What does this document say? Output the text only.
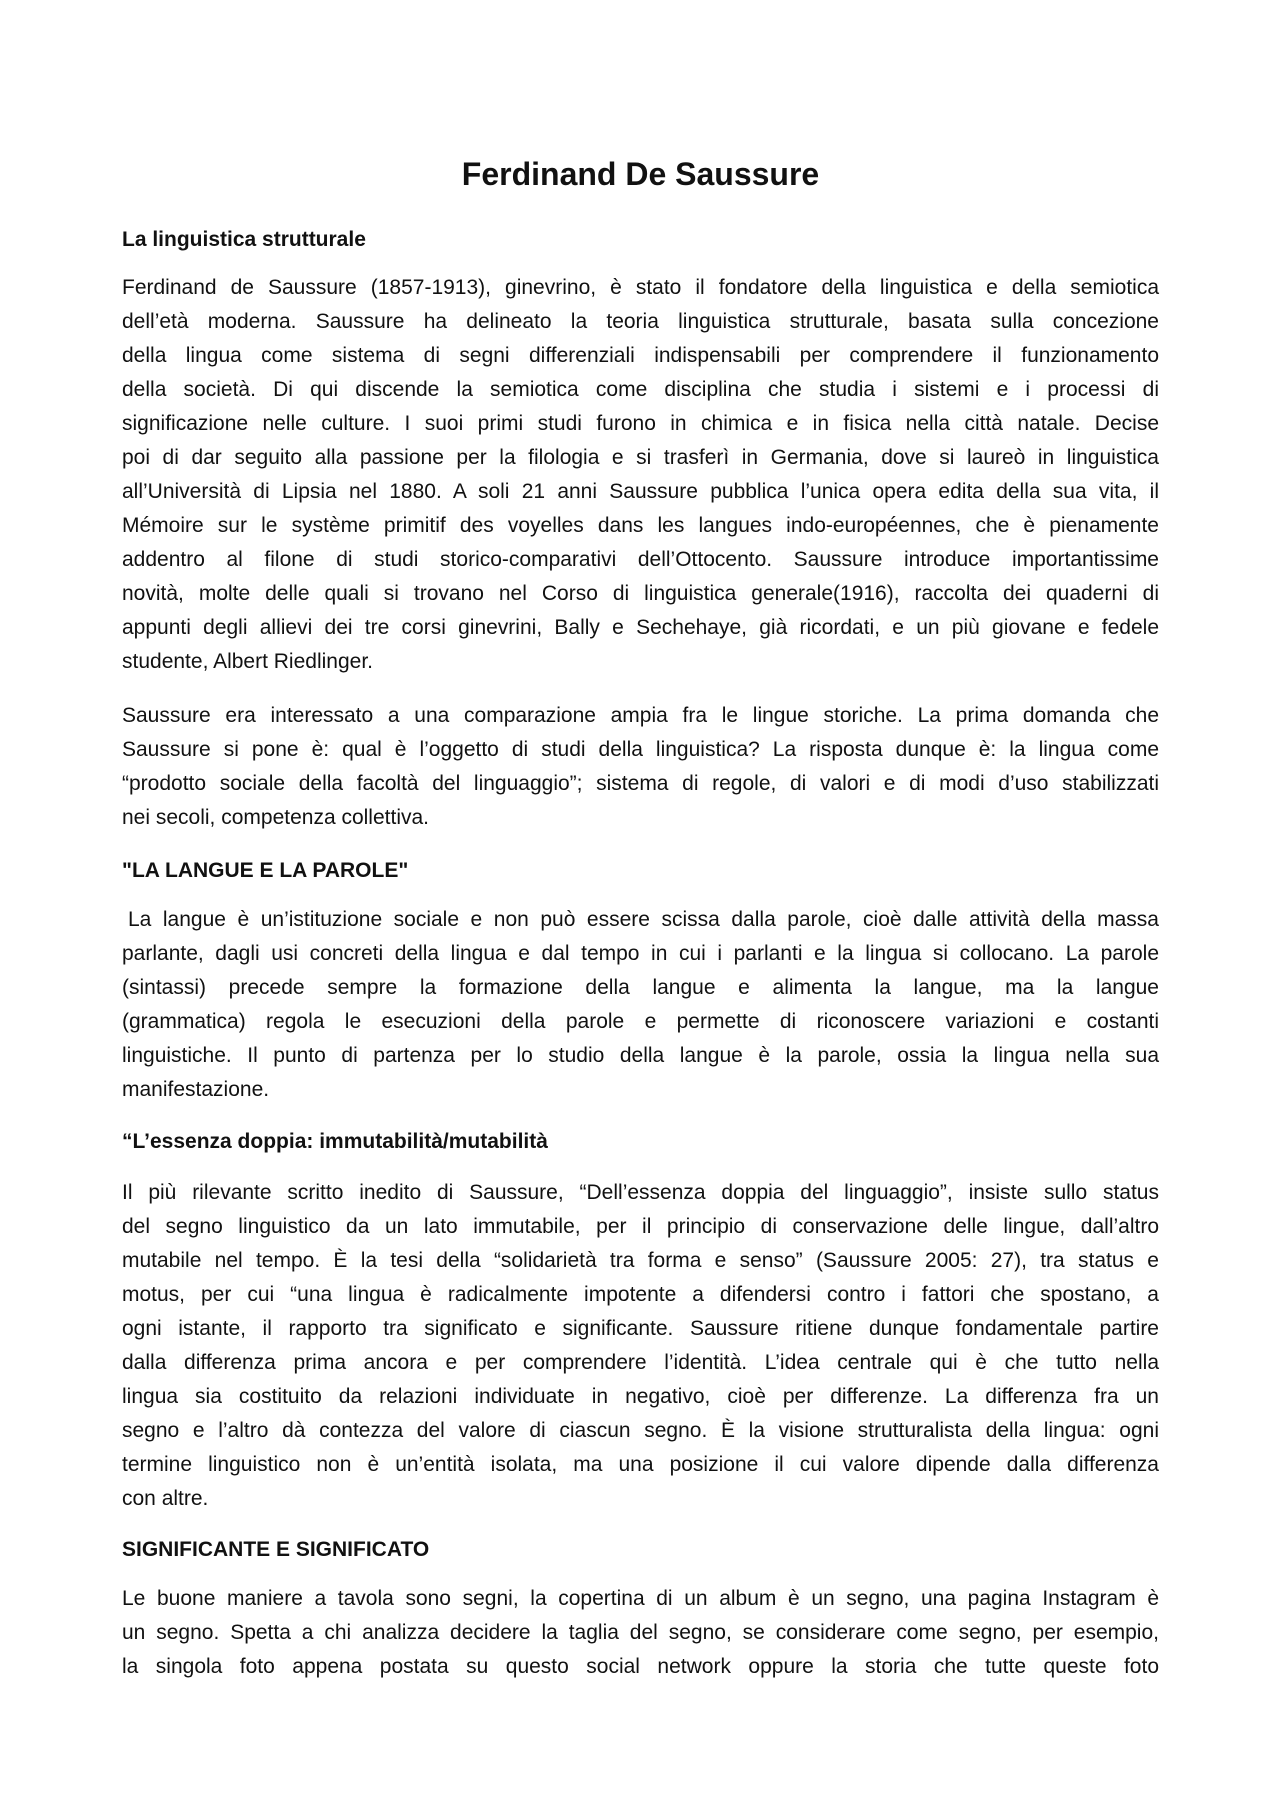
Ferdinand De Saussure
La linguistica strutturale
Ferdinand de Saussure (1857-1913), ginevrino, è stato il fondatore della linguistica e della semiotica
dell’età moderna. Saussure ha delineato la teoria linguistica strutturale, basata sulla concezione
della lingua come sistema di segni differenziali indispensabili per comprendere il funzionamento
della società. Di qui discende la semiotica come disciplina che studia i sistemi e i processi di
significazione nelle culture. I suoi primi studi furono in chimica e in fisica nella città natale. Decise
poi di dar seguito alla passione per la filologia e si trasferì in Germania, dove si laureò in linguistica
all’Università di Lipsia nel 1880. A soli 21 anni Saussure pubblica l’unica opera edita della sua vita, il
Mémoire sur le système primitif des voyelles dans les langues indo-européennes, che è pienamente
addentro al filone di studi storico-comparativi dell’Ottocento. Saussure introduce importantissime
novità, molte delle quali si trovano nel Corso di linguistica generale(1916), raccolta dei quaderni di
appunti degli allievi dei tre corsi ginevrini, Bally e Sechehaye, già ricordati, e un più giovane e fedele
studente, Albert Riedlinger.
Saussure era interessato a una comparazione ampia fra le lingue storiche. La prima domanda che
Saussure si pone è: qual è l’oggetto di studi della linguistica? La risposta dunque è: la lingua come
“prodotto sociale della facoltà del linguaggio”; sistema di regole, di valori e di modi d’uso stabilizzati
nei secoli, competenza collettiva.
"LA LANGUE E LA PAROLE"
La langue è un’istituzione sociale e non può essere scissa dalla parole, cioè dalle attività della massa
parlante, dagli usi concreti della lingua e dal tempo in cui i parlanti e la lingua si collocano. La parole
(sintassi) precede sempre la formazione della langue e alimenta la langue, ma la langue
(grammatica) regola le esecuzioni della parole e permette di riconoscere variazioni e costanti
linguistiche. Il punto di partenza per lo studio della langue è la parole, ossia la lingua nella sua
manifestazione.
“L’essenza doppia: immutabilità/mutabilità
Il più rilevante scritto inedito di Saussure, “Dell’essenza doppia del linguaggio”, insiste sullo status
del segno linguistico da un lato immutabile, per il principio di conservazione delle lingue, dall’altro
mutabile nel tempo. È la tesi della “solidarietà tra forma e senso” (Saussure 2005: 27), tra status e
motus, per cui “una lingua è radicalmente impotente a difendersi contro i fattori che spostano, a
ogni istante, il rapporto tra significato e significante. Saussure ritiene dunque fondamentale partire
dalla differenza prima ancora e per comprendere l’identità. L’idea centrale qui è che tutto nella
lingua sia costituito da relazioni individuate in negativo, cioè per differenze. La differenza fra un
segno e l’altro dà contezza del valore di ciascun segno. È la visione strutturalista della lingua: ogni
termine linguistico non è un’entità isolata, ma una posizione il cui valore dipende dalla differenza
con altre.
SIGNIFICANTE E SIGNIFICATO
Le buone maniere a tavola sono segni, la copertina di un album è un segno, una pagina Instagram è
un segno. Spetta a chi analizza decidere la taglia del segno, se considerare come segno, per esempio,
la singola foto appena postata su questo social network oppure la storia che tutte queste foto
